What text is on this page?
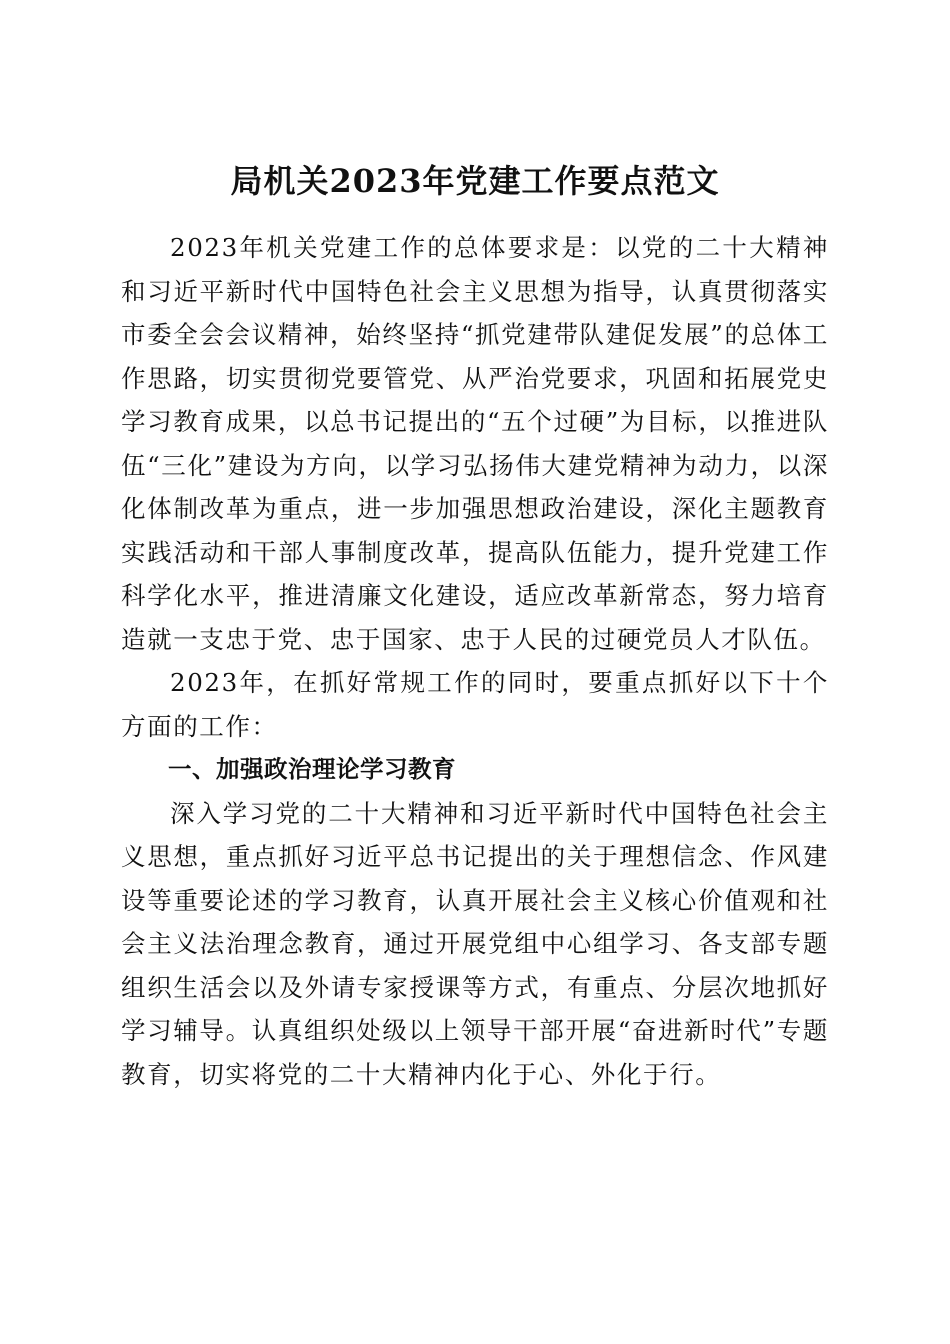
局机关2023年党建工作要点范文

2023年机关党建工作的总体要求是：以党的二十大精神和习近平新时代中国特色社会主义思想为指导，认真贯彻落实市委全会会议精神，始终坚持“抓党建带队建促发展”的总体工作思路，切实贯彻党要管党、从严治党要求，巩固和拓展党史学习教育成果，以总书记提出的“五个过硬”为目标，以推进队伍“三化”建设为方向，以学习弘扬伟大建党精神为动力，以深化体制改革为重点，进一步加强思想政治建设，深化主题教育实践活动和干部人事制度改革，提高队伍能力，提升党建工作科学化水平，推进清廉文化建设，适应改革新常态，努力培育造就一支忠于党、忠于国家、忠于人民的过硬党员人才队伍。

2023年，在抓好常规工作的同时，要重点抓好以下十个方面的工作：

一、加强政治理论学习教育

深入学习党的二十大精神和习近平新时代中国特色社会主义思想，重点抓好习近平总书记提出的关于理想信念、作风建设等重要论述的学习教育，认真开展社会主义核心价值观和社会主义法治理念教育，通过开展党组中心组学习、各支部专题组织生活会以及外请专家授课等方式，有重点、分层次地抓好学习辅导。认真组织处级以上领导干部开展“奋进新时代”专题教育，切实将党的二十大精神内化于心、外化于行。
